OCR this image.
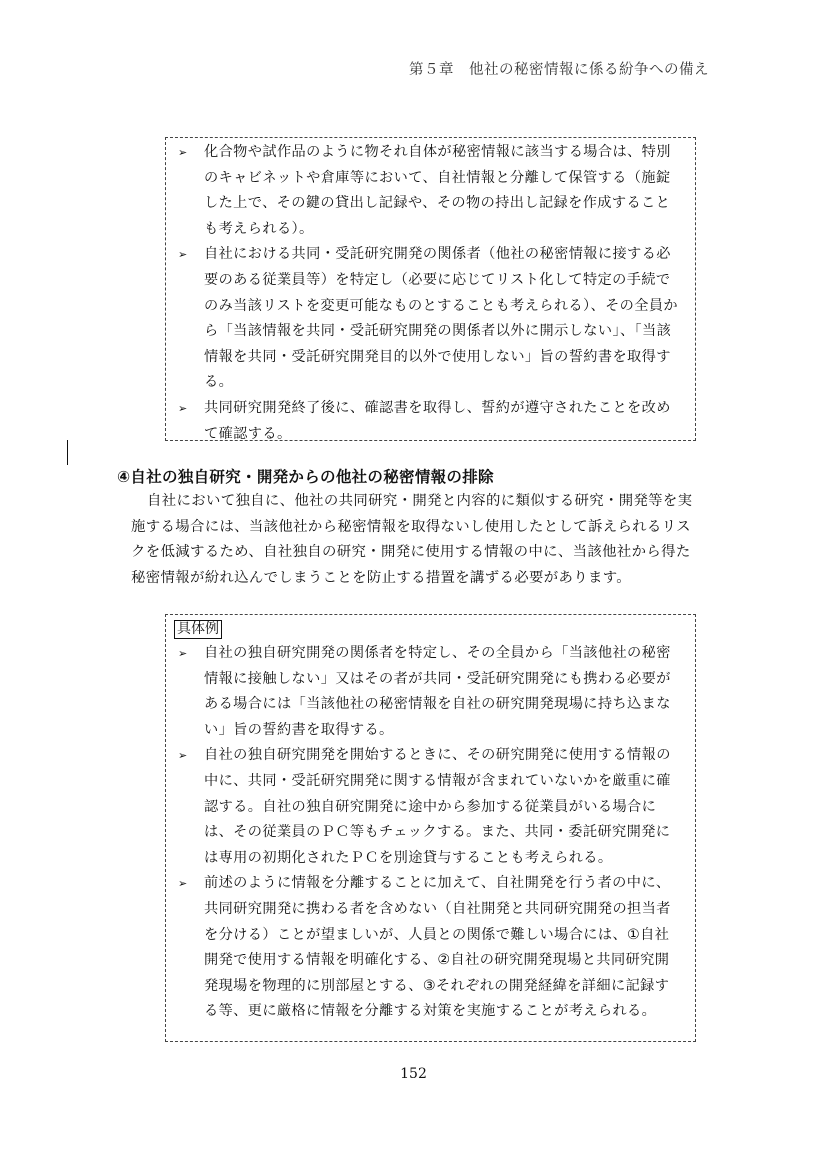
第５章　他社の秘密情報に係る紛争への備え
➢ 化合物や試作品のように物それ自体が秘密情報に該当する場合は、特別のキャビネットや倉庫等において、自社情報と分離して保管する（施錠した上で、その鍵の貸出し記録や、その物の持出し記録を作成することも考えられる）。
➢ 自社における共同・受託研究開発の関係者（他社の秘密情報に接する必要のある従業員等）を特定し（必要に応じてリスト化して特定の手続でのみ当該リストを変更可能なものとすることも考えられる）、その全員から「当該情報を共同・受託研究開発の関係者以外に開示しない」、「当該情報を共同・受託研究開発目的以外で使用しない」旨の誓約書を取得する。
➢ 共同研究開発終了後に、確認書を取得し、誓約が遵守されたことを改めて確認する。
④自社の独自研究・開発からの他社の秘密情報の排除

自社において独自に、他社の共同研究・開発と内容的に類似する研究・開発等を実施する場合には、当該他社から秘密情報を取得ないし使用したとして訴えられるリスクを低減するため、自社独自の研究・開発に使用する情報の中に、当該他社から得た秘密情報が紛れ込んでしまうことを防止する措置を講ずる必要があります。

具体例
➢ 自社の独自研究開発の関係者を特定し、その全員から「当該他社の秘密情報に接触しない」又はその者が共同・受託研究開発にも携わる必要がある場合には「当該他社の秘密情報を自社の研究開発現場に持ち込まない」旨の誓約書を取得する。
➢ 自社の独自研究開発を開始するときに、その研究開発に使用する情報の中に、共同・受託研究開発に関する情報が含まれていないかを厳重に確認する。自社の独自研究開発に途中から参加する従業員がいる場合には、その従業員のＰＣ等もチェックする。また、共同・委託研究開発には専用の初期化されたＰＣを別途貸与することも考えられる。
➢ 前述のように情報を分離することに加えて、自社開発を行う者の中に、共同研究開発に携わる者を含めない（自社開発と共同研究開発の担当者を分ける）ことが望ましいが、人員との関係で難しい場合には、①自社開発で使用する情報を明確化する、②自社の研究開発現場と共同研究開発現場を物理的に別部屋とする、③それぞれの開発経緯を詳細に記録する等、更に厳格に情報を分離する対策を実施することが考えられる。
152
